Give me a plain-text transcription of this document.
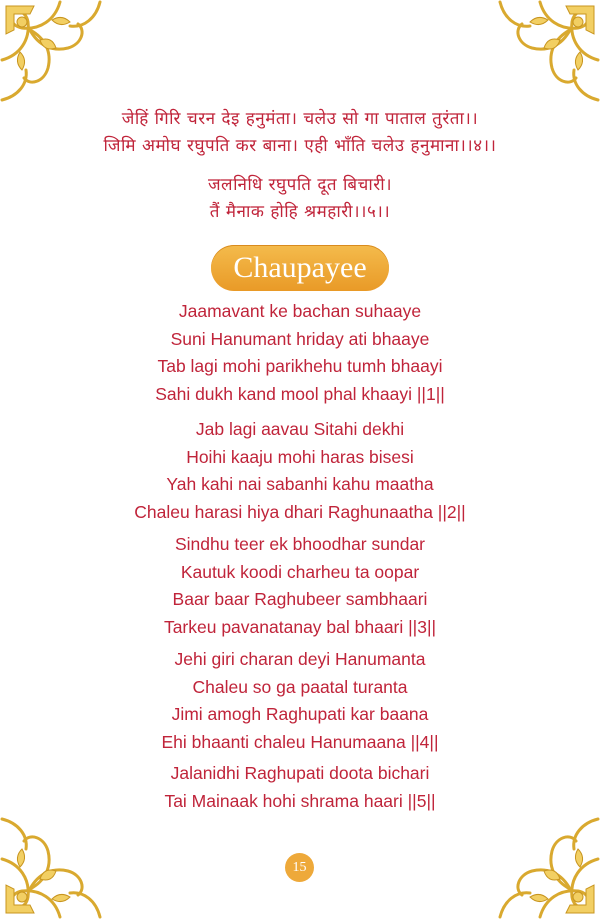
जेहिं गिरि चरन देइ हनुमंता। चलेउ सो गा पाताल तुरंता।।
जिमि अमोघ रघुपति कर बाना। एही भाँति चलेउ हनुमाना।।४।।
जलनिधि रघुपति दूत बिचारी।
तैं मैनाक होहि श्रमहारी।।५।।
Chaupayee
Jaamavant ke bachan suhaaye
Suni Hanumant hriday ati bhaaye
Tab lagi mohi parikhehu tumh bhaayi
Sahi dukh kand mool phal khaayi ||1||
Jab lagi aavau Sitahi dekhi
Hoihi kaaju mohi haras bisesi
Yah kahi nai sabanhi kahu maatha
Chaleu harasi hiya dhari Raghunaatha ||2||
Sindhu teer ek bhoodhar sundar
Kautuk koodi charheu ta oopar
Baar baar Raghubeer sambhaari
Tarkeu pavanatanay bal bhaari ||3||
Jehi giri charan deyi Hanumanta
Chaleu so ga paatal turanta
Jimi amogh Raghupati kar baana
Ehi bhaanti chaleu Hanumaana ||4||
Jalanidhi Raghupati doota bichari
Tai Mainaak hohi shrama haari ||5||
15
